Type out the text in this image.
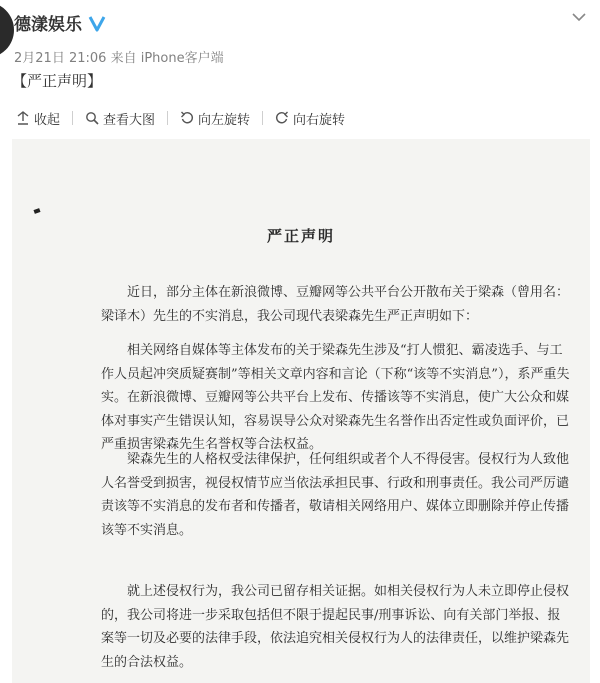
德漾娱乐
2月21日 21:06 来自 iPhone客户端
【严正声明】
收起	查看大图	向左旋转	向右旋转
严正声明

近日，部分主体在新浪微博、豆瓣网等公共平台公开散布关于梁森（曾用名：梁译木）先生的不实消息，我公司现代表梁森先生严正声明如下：

相关网络自媒体等主体发布的关于梁森先生涉及“打人惯犯、霸凌选手、与工作人员起冲突质疑赛制”等相关文章内容和言论（下称“该等不实消息”），系严重失实。在新浪微博、豆瓣网等公共平台上发布、传播该等不实消息，使广大公众和媒体对事实产生错误认知，容易误导公众对梁森先生名誉作出否定性或负面评价，已严重损害梁森先生名誉权等合法权益。

梁森先生的人格权受法律保护，任何组织或者个人不得侵害。侵权行为人致他人名誉受到损害，视侵权情节应当依法承担民事、行政和刑事责任。我公司严厉谴责该等不实消息的发布者和传播者，敬请相关网络用户、媒体立即删除并停止传播该等不实消息。

就上述侵权行为，我公司已留存相关证据。如相关侵权行为人未立即停止侵权的，我公司将进一步采取包括但不限于提起民事/刑事诉讼、向有关部门举报、报案等一切及必要的法律手段，依法追究相关侵权行为人的法律责任，以维护梁森先生的合法权益。
